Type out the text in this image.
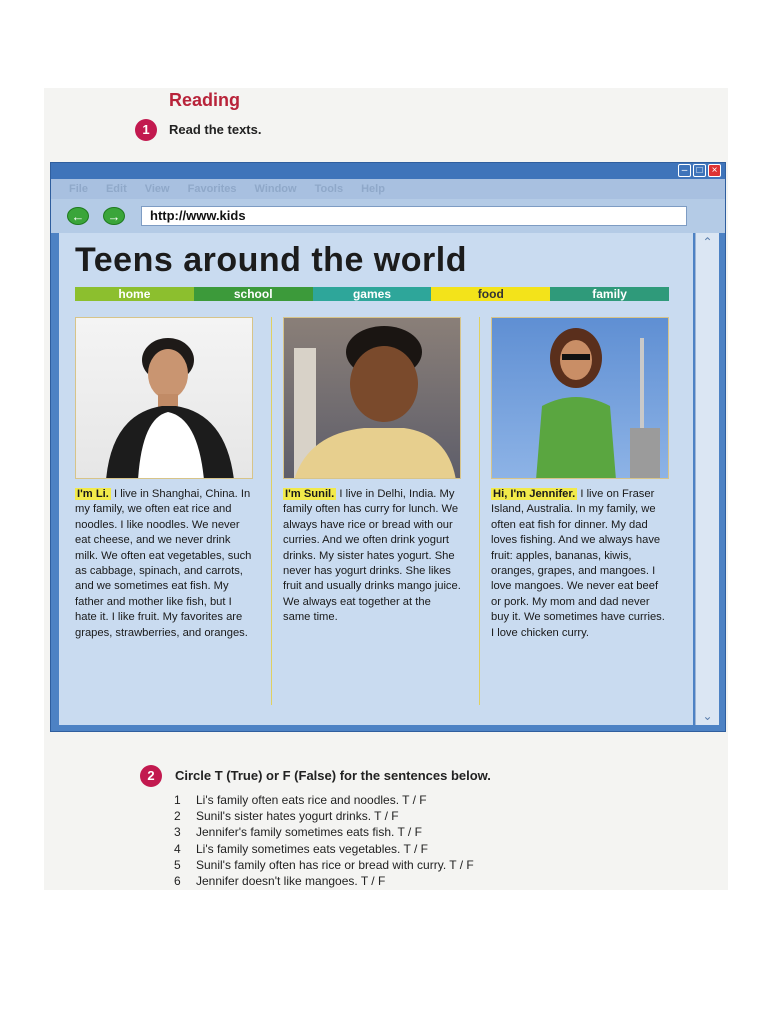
Reading
1	Read the texts.
– □ ×
File Edit View Favorites Window Tools Help
←	→	http://www.kids
Teens around the world
home	school	games	food	family
I'm Li. I live in Shanghai, China. In my family, we often eat rice and noodles. I like noodles. We never eat cheese, and we never drink milk. We often eat vegetables, such as cabbage, spinach, and carrots, and we sometimes eat fish. My father and mother like fish, but I hate it. I like fruit. My favorites are grapes, strawberries, and oranges.
I'm Sunil. I live in Delhi, India. My family often has curry for lunch. We always have rice or bread with our curries. And we often drink yogurt drinks. My sister hates yogurt. She never has yogurt drinks. She likes fruit and usually drinks mango juice. We always eat together at the same time.
Hi, I'm Jennifer. I live on Fraser Island, Australia. In my family, we often eat fish for dinner. My dad loves fishing. And we always have fruit: apples, bananas, kiwis, oranges, grapes, and mangoes. I love mangoes. We never eat beef or pork. My mom and dad never buy it. We sometimes have curries. I love chicken curry.
⌃
⌄
2	Circle T (True) or F (False) for the sentences below.
1	Li's family often eats rice and noodles. T / F
2	Sunil's sister hates yogurt drinks. T / F
3	Jennifer's family sometimes eats fish. T / F
4	Li's family sometimes eats vegetables. T / F
5	Sunil's family often has rice or bread with curry. T / F
6	Jennifer doesn't like mangoes. T / F
